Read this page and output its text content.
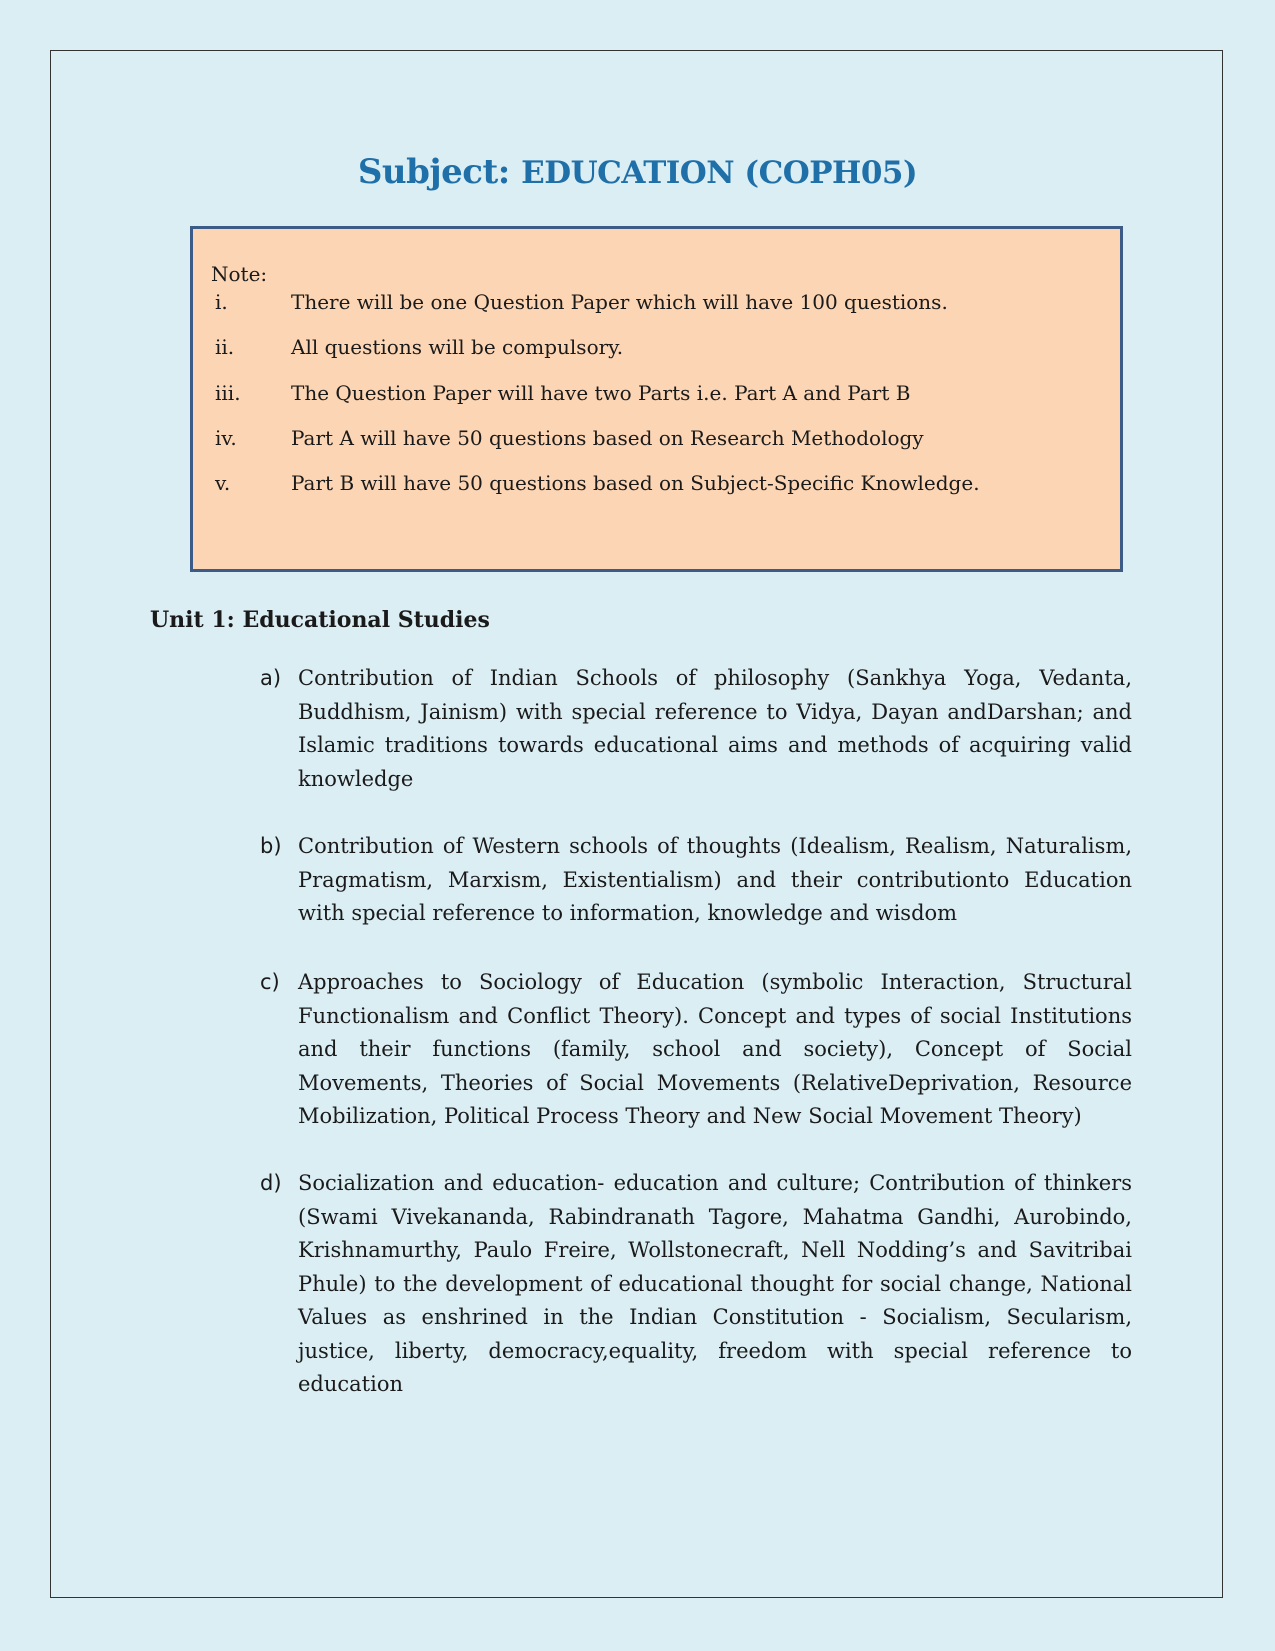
Subject: EDUCATION (COPH05)
Note:
i.	There will be one Question Paper which will have 100 questions.
ii.	All questions will be compulsory.
iii.	The Question Paper will have two Parts i.e. Part A and Part B
iv.	Part A will have 50 questions based on Research Methodology
v.	Part B will have 50 questions based on Subject-Specific Knowledge.
Unit 1: Educational Studies
a) Contribution of Indian Schools of philosophy (Sankhya Yoga, Vedanta, Buddhism, Jainism) with special reference to Vidya, Dayan andDarshan; and Islamic traditions towards educational aims and methods of acquiring valid knowledge
b) Contribution of Western schools of thoughts (Idealism, Realism, Naturalism, Pragmatism, Marxism, Existentialism) and their contributionto Education with special reference to information, knowledge and wisdom
c) Approaches to Sociology of Education (symbolic Interaction, Structural Functionalism and Conflict Theory). Concept and types of social Institutions and their functions (family, school and society), Concept of Social Movements, Theories of Social Movements (RelativeDeprivation, Resource Mobilization, Political Process Theory and New Social Movement Theory)
d) Socialization and education- education and culture; Contribution of thinkers (Swami Vivekananda, Rabindranath Tagore, Mahatma Gandhi, Aurobindo, Krishnamurthy, Paulo Freire, Wollstonecraft, Nell Nodding’s and Savitribai Phule) to the development of educational thought for social change, National Values as enshrined in the Indian Constitution - Socialism, Secularism, justice, liberty, democracy,equality, freedom with special reference to education
